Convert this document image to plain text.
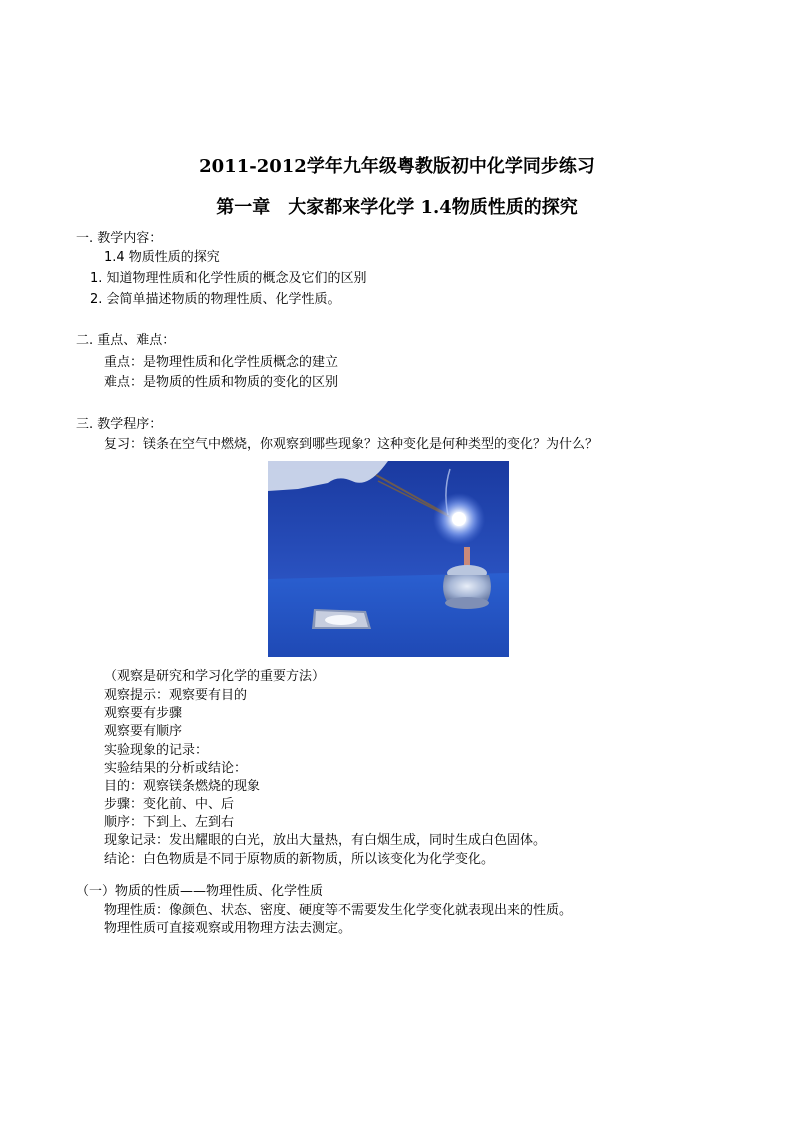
2011-2012学年九年级粤教版初中化学同步练习
第一章　大家都来学化学 1.4物质性质的探究
一. 教学内容：
1.4 物质性质的探究
1. 知道物理性质和化学性质的概念及它们的区别
2. 会简单描述物质的物理性质、化学性质。
二. 重点、难点：
重点：是物理性质和化学性质概念的建立
难点：是物质的性质和物质的变化的区别
三. 教学程序：
复习：镁条在空气中燃烧，你观察到哪些现象？这种变化是何种类型的变化？为什么？
（观察是研究和学习化学的重要方法）
观察提示：观察要有目的
观察要有步骤
观察要有顺序
实验现象的记录：
实验结果的分析或结论：
目的：观察镁条燃烧的现象
步骤：变化前、中、后
顺序：下到上、左到右
现象记录：发出耀眼的白光，放出大量热，有白烟生成，同时生成白色固体。
结论：白色物质是不同于原物质的新物质，所以该变化为化学变化。
（一）物质的性质——物理性质、化学性质
物理性质：像颜色、状态、密度、硬度等不需要发生化学变化就表现出来的性质。
物理性质可直接观察或用物理方法去测定。
